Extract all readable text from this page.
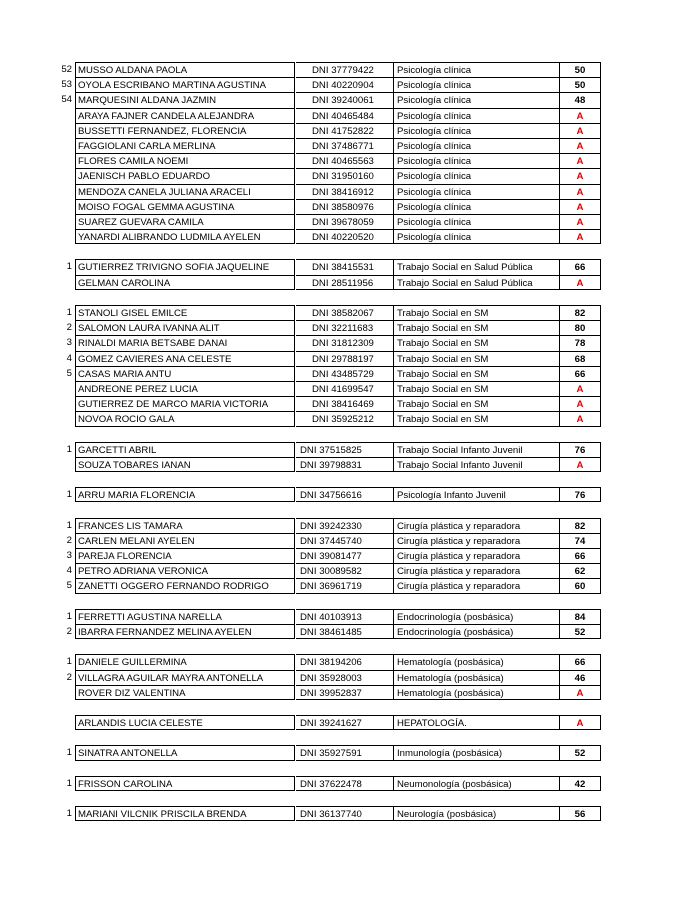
52 MUSSO ALDANA PAOLA	DNI 37779422	Psicología clínica	50
53 OYOLA ESCRIBANO MARTINA AGUSTINA	DNI 40220904	Psicología clínica	50
54 MARQUESINI ALDANA JAZMIN	DNI 39240061	Psicología clínica	48
ARAYA FAJNER CANDELA ALEJANDRA	DNI 40465484	Psicología clínica	A
BUSSETTI FERNANDEZ, FLORENCIA	DNI 41752822	Psicología clínica	A
FAGGIOLANI CARLA MERLINA	DNI 37486771	Psicología clínica	A
FLORES CAMILA NOEMI	DNI 40465563	Psicología clínica	A
JAENISCH PABLO EDUARDO	DNI 31950160	Psicología clínica	A
MENDOZA CANELA JULIANA ARACELI	DNI 38416912	Psicología clínica	A
MOISO FOGAL GEMMA AGUSTINA	DNI 38580976	Psicología clínica	A
SUAREZ GUEVARA CAMILA	DNI 39678059	Psicología clínica	A
YANARDI ALIBRANDO LUDMILA AYELEN	DNI 40220520	Psicología clínica	A
1 GUTIERREZ TRIVIGNO SOFIA JAQUELINE	DNI 38415531	Trabajo Social en Salud Pública	66
GELMAN CAROLINA	DNI 28511956	Trabajo Social en Salud Pública	A
1 STANOLI GISEL EMILCE	DNI 38582067	Trabajo Social en SM	82
2 SALOMON LAURA IVANNA ALIT	DNI 32211683	Trabajo Social en SM	80
3 RINALDI MARIA BETSABE DANAI	DNI 31812309	Trabajo Social en SM	78
4 GOMEZ CAVIERES ANA CELESTE	DNI 29788197	Trabajo Social en SM	68
5 CASAS MARIA ANTU	DNI 43485729	Trabajo Social en SM	66
ANDREONE PEREZ LUCIA	DNI 41699547	Trabajo Social en SM	A
GUTIERREZ DE MARCO MARIA VICTORIA	DNI 38416469	Trabajo Social en SM	A
NOVOA ROCIO GALA	DNI 35925212	Trabajo Social en SM	A
1 GARCETTI ABRIL	DNI 37515825	Trabajo Social Infanto Juvenil	76
SOUZA TOBARES IANAN	DNI 39798831	Trabajo Social Infanto Juvenil	A
1 ARRU MARIA FLORENCIA	DNI 34756616	Psicología Infanto Juvenil	76
1 FRANCES LIS TAMARA	DNI 39242330	Cirugía plástica y reparadora	82
2 CARLEN MELANI AYELEN	DNI 37445740	Cirugía plástica y reparadora	74
3 PAREJA FLORENCIA	DNI 39081477	Cirugía plástica y reparadora	66
4 PETRO ADRIANA VERONICA	DNI 30089582	Cirugía plástica y reparadora	62
5 ZANETTI OGGERO FERNANDO RODRIGO	DNI 36961719	Cirugía plástica y reparadora	60
1 FERRETTI AGUSTINA NARELLA	DNI 40103913	Endocrinología (posbásica)	84
2 IBARRA FERNANDEZ MELINA AYELEN	DNI 38461485	Endocrinología (posbásica)	52
1 DANIELE GUILLERMINA	DNI 38194206	Hematología (posbásica)	66
2 VILLAGRA AGUILAR MAYRA ANTONELLA	DNI 35928003	Hematología (posbásica)	46
ROVER DIZ VALENTINA	DNI 39952837	Hematología (posbásica)	A
ARLANDIS LUCIA CELESTE	DNI 39241627	HEPATOLOGÍA.	A
1 SINATRA ANTONELLA	DNI 35927591	Inmunología (posbásica)	52
1 FRISSON CAROLINA	DNI 37622478	Neumonología (posbásica)	42
1 MARIANI VILCNIK PRISCILA BRENDA	DNI 36137740	Neurología (posbásica)	56
